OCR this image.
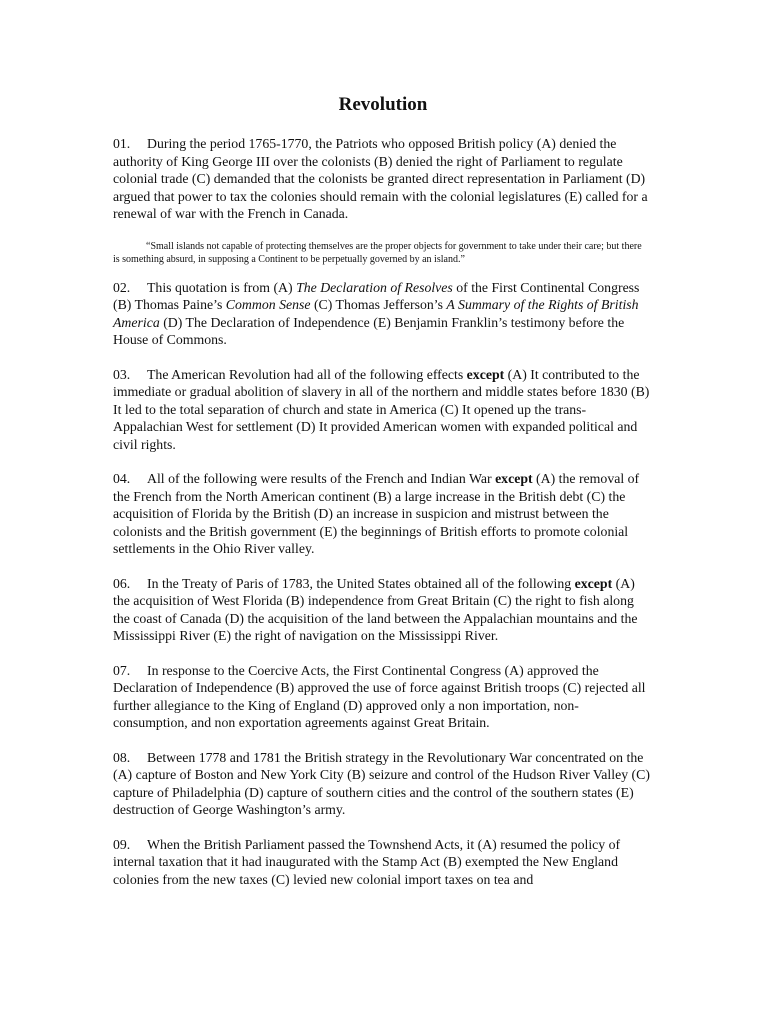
Revolution

01. During the period 1765-1770, the Patriots who opposed British policy (A) denied the authority of King George III over the colonists (B) denied the right of Parliament to regulate colonial trade (C) demanded that the colonists be granted direct representation in Parliament (D) argued that power to tax the colonies should remain with the colonial legislatures (E) called for a renewal of war with the French in Canada.

“Small islands not capable of protecting themselves are the proper objects for government to take under their care; but there is something absurd, in supposing a Continent to be perpetually governed by an island.”

02. This quotation is from (A) The Declaration of Resolves of the First Continental Congress (B) Thomas Paine’s Common Sense (C) Thomas Jefferson’s A Summary of the Rights of British America (D) The Declaration of Independence (E) Benjamin Franklin’s testimony before the House of Commons.

03. The American Revolution had all of the following effects except (A) It contributed to the immediate or gradual abolition of slavery in all of the northern and middle states before 1830 (B) It led to the total separation of church and state in America (C) It opened up the trans-Appalachian West for settlement (D) It provided American women with expanded political and civil rights.

04. All of the following were results of the French and Indian War except (A) the removal of the French from the North American continent (B) a large increase in the British debt (C) the acquisition of Florida by the British (D) an increase in suspicion and mistrust between the colonists and the British government (E) the beginnings of British efforts to promote colonial settlements in the Ohio River valley.

06. In the Treaty of Paris of 1783, the United States obtained all of the following except (A) the acquisition of West Florida (B) independence from Great Britain (C) the right to fish along the coast of Canada (D) the acquisition of the land between the Appalachian mountains and the Mississippi River (E) the right of navigation on the Mississippi River.

07. In response to the Coercive Acts, the First Continental Congress (A) approved the Declaration of Independence (B) approved the use of force against British troops (C) rejected all further allegiance to the King of England (D) approved only a non importation, non-consumption, and non exportation agreements against Great Britain.

08. Between 1778 and 1781 the British strategy in the Revolutionary War concentrated on the (A) capture of Boston and New York City (B) seizure and control of the Hudson River Valley (C) capture of Philadelphia (D) capture of southern cities and the control of the southern states (E) destruction of George Washington’s army.

09. When the British Parliament passed the Townshend Acts, it (A) resumed the policy of internal taxation that it had inaugurated with the Stamp Act (B) exempted the New England colonies from the new taxes (C) levied new colonial import taxes on tea and
